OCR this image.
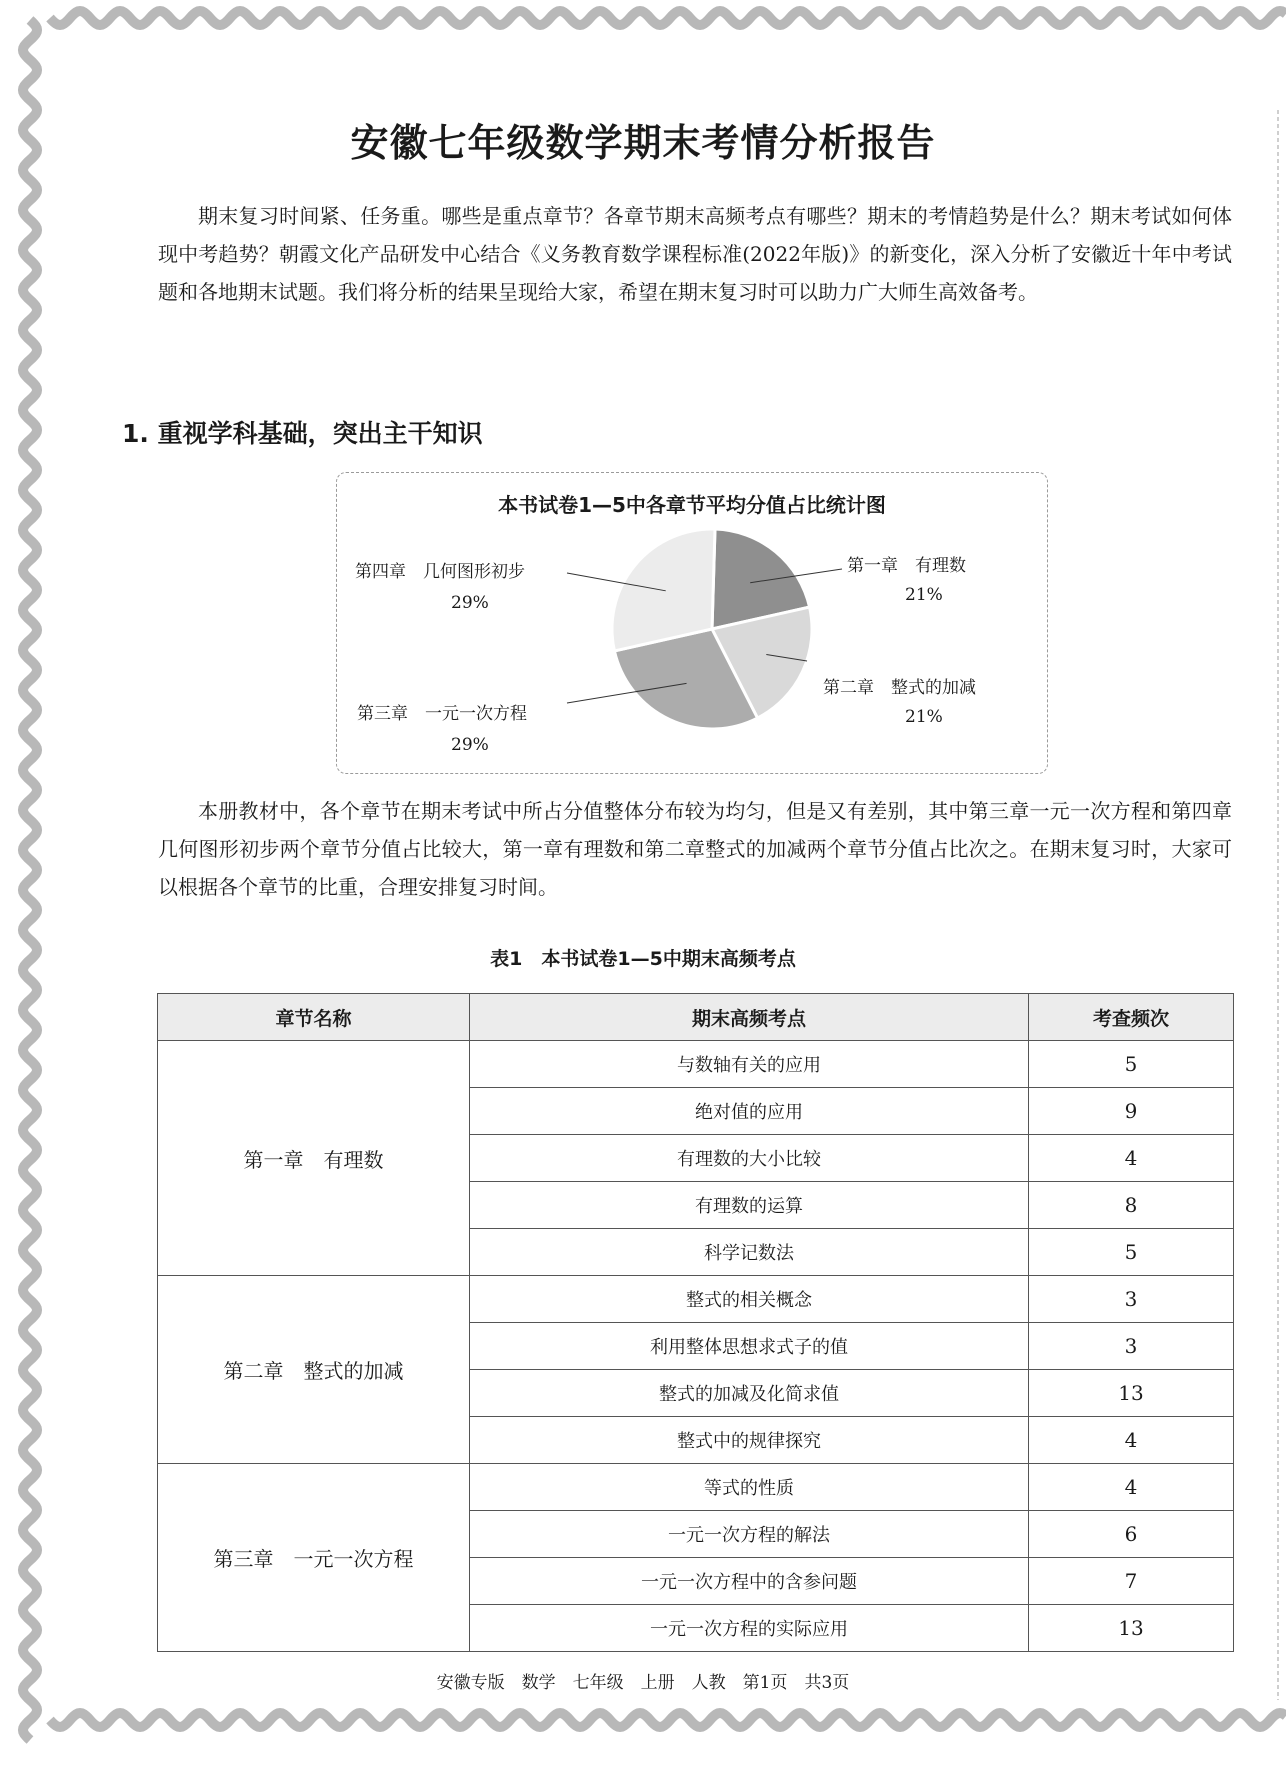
安徽七年级数学期末考情分析报告

期末复习时间紧、任务重。哪些是重点章节？各章节期末高频考点有哪些？期末的考情趋势是什么？期末考试如何体现中考趋势？朝霞文化产品研发中心结合《义务教育数学课程标准(2022年版)》的新变化，深入分析了安徽近十年中考试题和各地期末试题。我们将分析的结果呈现给大家，希望在期末复习时可以助力广大师生高效备考。

1. 重视学科基础，突出主干知识
本书试卷1—5中各章节平均分值占比统计图
第一章　有理数
21%
第二章　整式的加减
21%
第三章　一元一次方程
29%
第四章　几何图形初步
29%

本册教材中，各个章节在期末考试中所占分值整体分布较为均匀，但是又有差别，其中第三章一元一次方程和第四章几何图形初步两个章节分值占比较大，第一章有理数和第二章整式的加减两个章节分值占比次之。在期末复习时，大家可以根据各个章节的比重，合理安排复习时间。

表1　本书试卷1—5中期末高频考点
章节名称	期末高频考点	考查频次
第一章　有理数	与数轴有关的应用	5
	绝对值的应用	9
	有理数的大小比较	4
	有理数的运算	8
	科学记数法	5
第二章　整式的加减	整式的相关概念	3
	利用整体思想求式子的值	3
	整式的加减及化简求值	13
	整式中的规律探究	4
第三章　一元一次方程	等式的性质	4
	一元一次方程的解法	6
	一元一次方程中的含参问题	7
	一元一次方程的实际应用	13
安徽专版　数学　七年级　上册　人教　第1页　共3页
